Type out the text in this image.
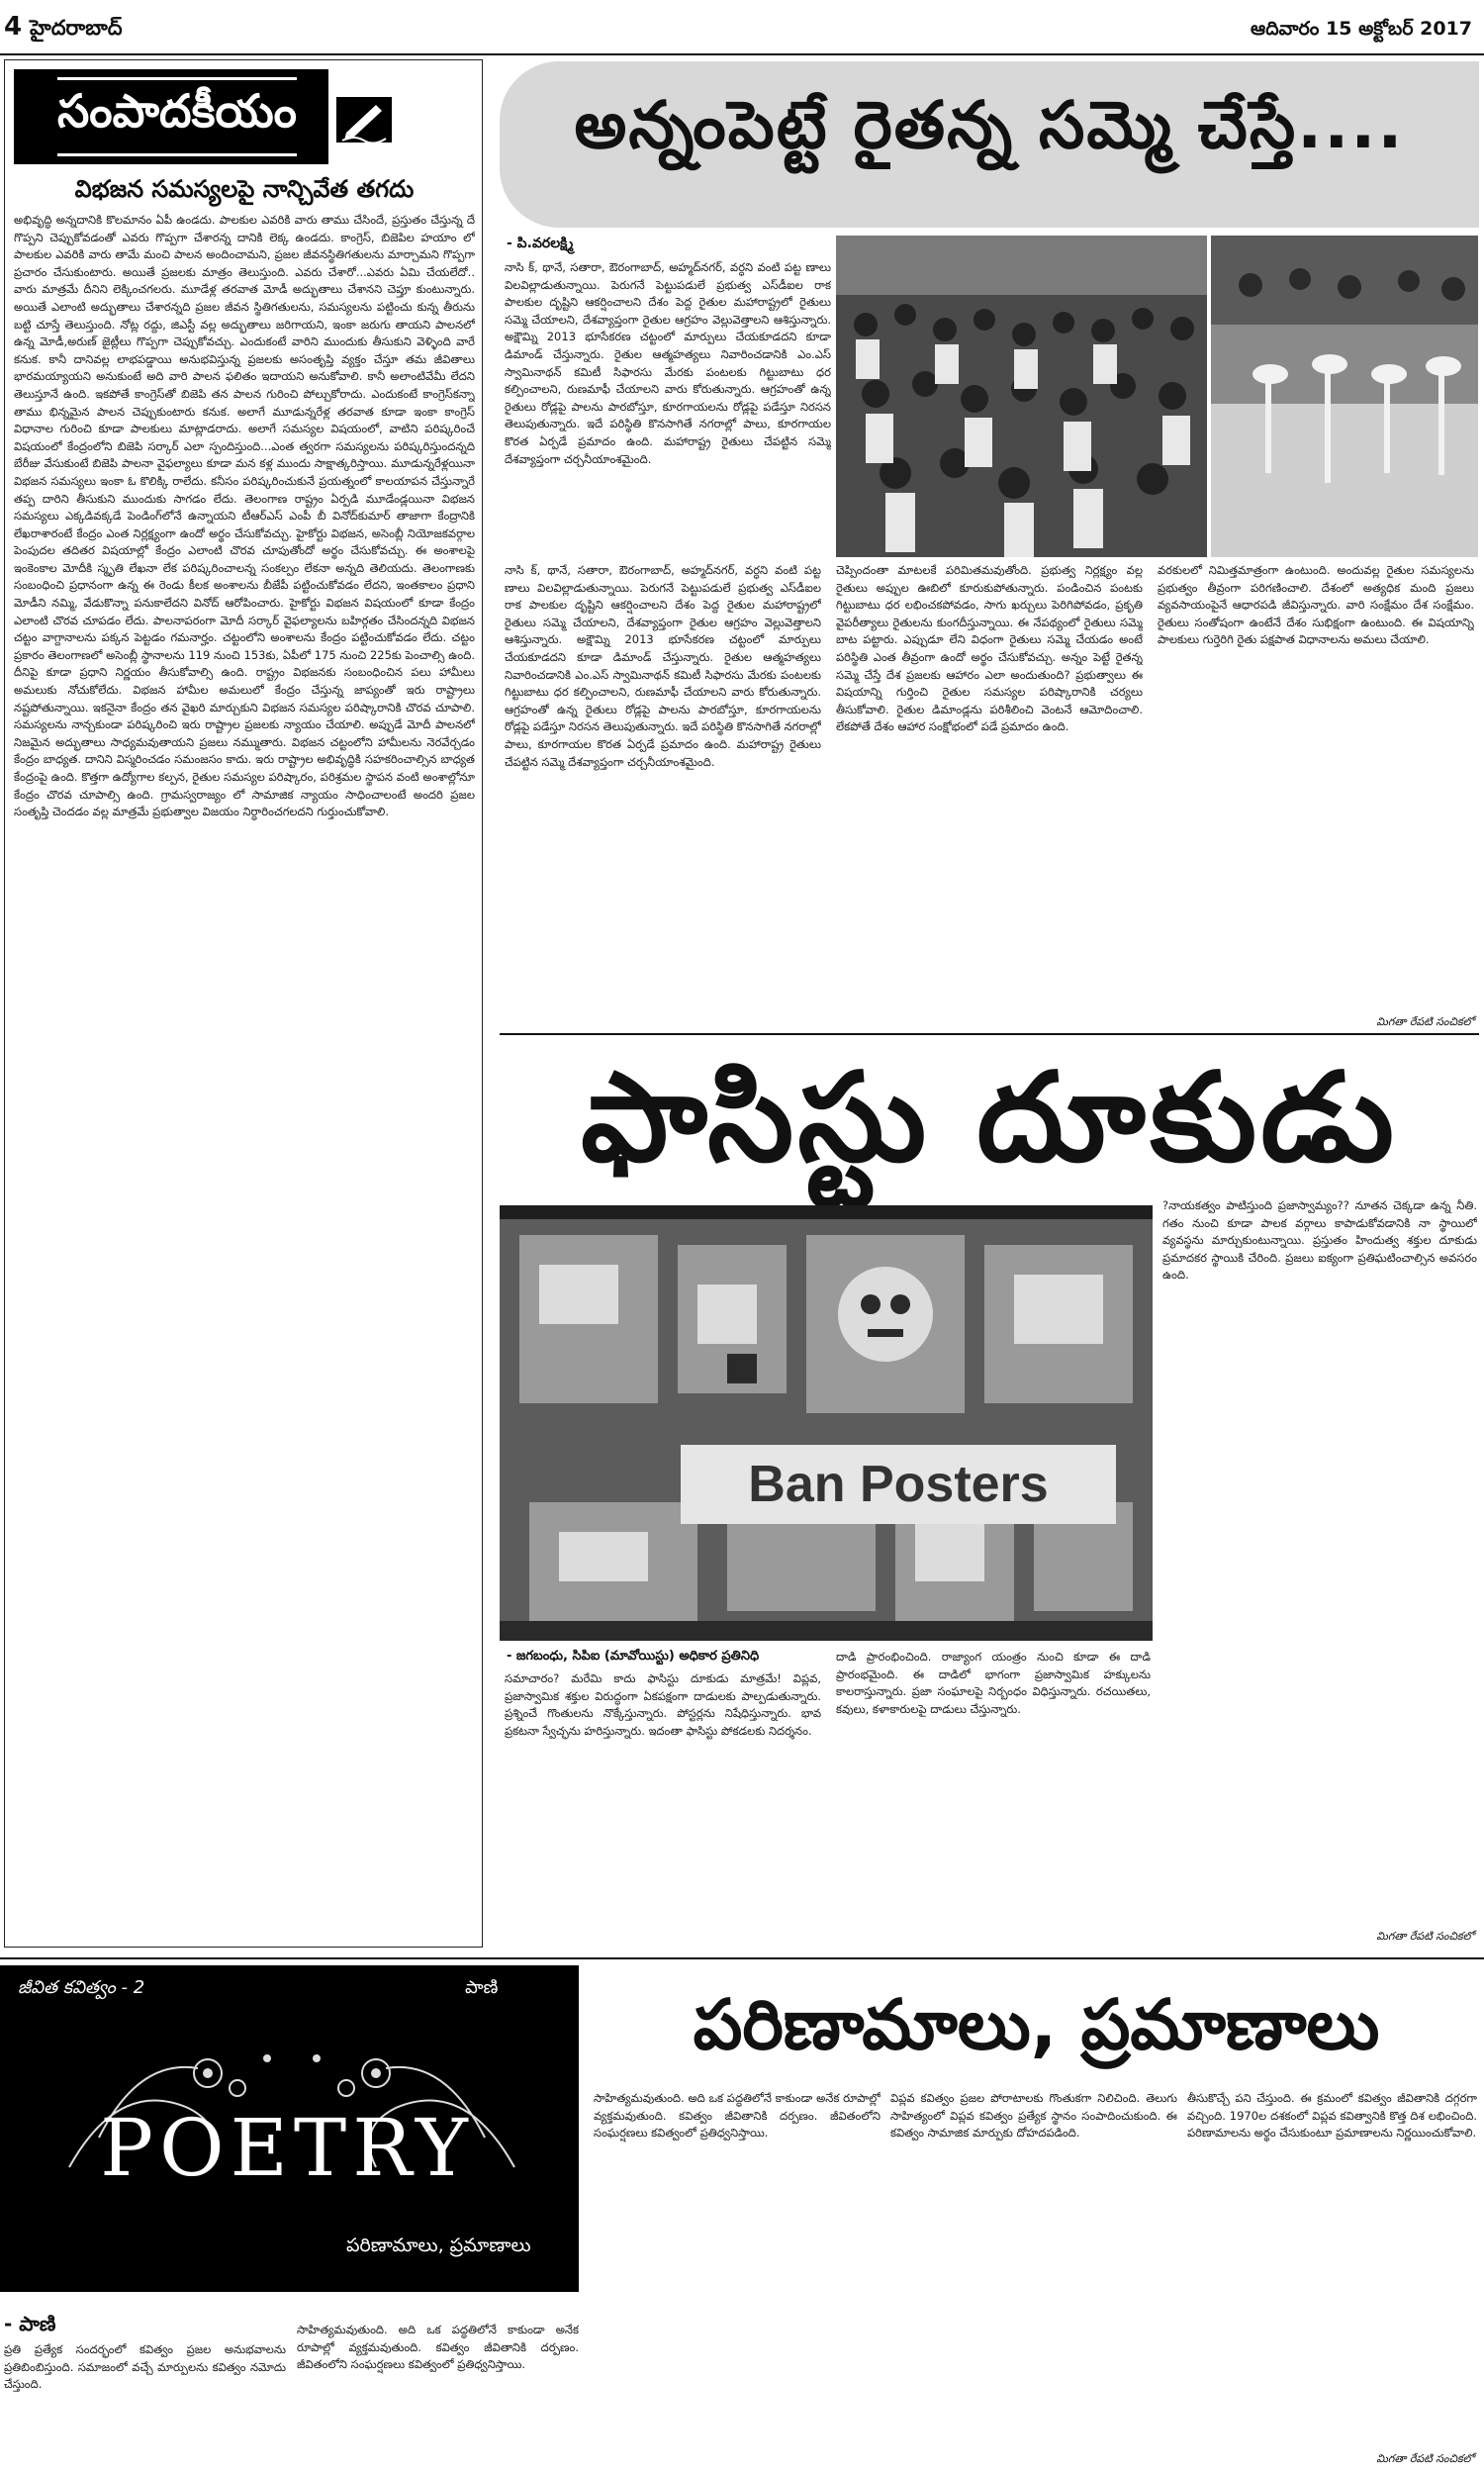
4 హైదరాబాద్	ఆదివారం 15 అక్టోబర్ 2017
సంపాదకీయం
విభజన సమస్యలపై నాన్చివేత తగదు
అభివృద్ధి అన్నదానికి కొలమానం ఏపీ ఉండదు. పాలకుల ఎవరికి వారు తాము చేసిందే, ప్రస్తుతం చేస్తున్న దే గొప్పని చెప్పుకోవడంతో ఎవరు గొప్పగా చేశారన్న దానికి లెక్క ఉండదు. కాంగ్రెస్, బిజెపిల హయాం లో పాలకుల ఎవరికి వారు తామే మంచి పాలన అందించామని, ప్రజల జీవనస్థితిగతులను మార్చామని గొప్పగా ప్రచారం చేసుకుంటారు. అయితే ప్రజలకు మాత్రం తెలుస్తుంది. ఎవరు చేశారో...ఎవరు ఏమి చేయలేదో.. వారు మాత్రమే దీనిని లెక్కించగలరు. మూడేళ్ల తరవాత మోడీ అద్భుతాలు చేశానని చెప్తూ కుంటున్నారు. అయితే ఎలాంటి అద్భుతాలు చేశారన్నది ప్రజల జీవన స్థితిగతులను, సమస్యలను పట్టించు కున్న తీరును బట్టి చూస్తే తెలుస్తుంది. నోట్ల రద్దు, జిఎస్టీ వల్ల అద్భుతాలు జరిగాయని, ఇంకా జరుగు తాయని పాలనలో ఉన్న మోడీ,అరుణ్ జైట్లీలు గొప్పగా చెప్పుకోవచ్చు. ఎందుకంటే వారిని ముందుకు తీసుకుని వెళ్ళింది వారే కనుక. కానీ దానివల్ల లాభపడ్డాయి అనుభవిస్తున్న ప్రజలకు అసంతృప్తి వ్యక్తం చేస్తూ తమ జీవితాలు భారమయ్యాయని అనుకుంటే అది వారి పాలన ఫలితం ఇదాయని అనుకోవాలి. కానీ అలాంటివేమీ లేదని తెలుస్తూనే ఉంది. ఇకపోతే కాంగ్రెస్‌తో బిజెపి తన పాలన గురించి పోల్చుకోరాదు. ఎందుకంటే కాంగ్రెస్‌కన్నా తాము భిన్నమైన పాలన చెప్పుకుంటారు కనుక. అలాగే మూడున్నరేళ్ల తరవాత కూడా ఇంకా కాంగ్రెస్ విధానాల గురించి కూడా పాలకులు మాట్లాడరాదు. అలాగే సమస్యల విషయంలో, వాటిని పరిష్కరించే విషయంలో కేంద్రంలోని బిజెపి సర్కార్ ఎలా స్పందిస్తుంది...ఎంత త్వరగా సమస్యలను పరిష్కరిస్తుందన్నది బేరీజు వేసుకుంటే బిజెపి పాలనా వైఫల్యాలు కూడా మన కళ్ల ముందు సాక్షాత్కరిస్తాయి. మూడున్నరేళ్లయినా విభజన సమస్యలు ఇంకా ఓ కొలిక్కి రాలేదు. కనీసం పరిష్కరించుకునే ప్రయత్నంలో కాలయాపన చేస్తున్నారే తప్ప దారిని తీసుకుని ముందుకు సాగడం లేదు. తెలంగాణ రాష్ట్రం ఏర్పడి మూడేండ్లయినా విభజన సమస్యలు ఎక్కడివక్కడే పెండింగ్‌లోనే ఉన్నాయని టీఆర్‌ఎస్ ఎంపీ బీ వినోద్‌కుమార్ తాజాగా కేంద్రానికి లేఖరాశారంటే కేంద్రం ఎంత నిర్లక్ష్యంగా ఉందో అర్థం చేసుకోవచ్చు. హైకోర్టు విభజన, అసెంబ్లీ నియోజకవర్గాల పెంపుదల తదితర విషయాల్లో కేంద్రం ఎలాంటి చొరవ చూపుతోందో అర్థం చేసుకోవచ్చు. ఈ అంశాలపై ఇంకెంకాల మోదీకి స్మృతి లేఖనా లేక పరిష్కరించాలన్న సంకల్పం లేకనా అన్నది తెలియదు. తెలంగాణకు సంబంధించి ప్రధానంగా ఉన్న ఈ రెండు కీలక అంశాలను బీజేపీ పట్టించుకోవడం లేదని, ఇంతకాలం ప్రధాని మోడీని నమ్మి, వేడుకొన్నా పనుకాలేదని వినోద్ ఆరోపించారు. హైకోర్టు విభజన విషయంలో కూడా కేంద్రం ఎలాంటి చొరవ చూపడం లేదు. పాలనాపరంగా మోదీ సర్కార్ వైఫల్యాలను బహిర్గతం చేసిందన్నది విభజన చట్టం వాగ్దానాలను పక్కన పెట్టడం గమనార్హం. చట్టంలోని అంశాలను కేంద్రం పట్టించుకోవడం లేదు. చట్టం ప్రకారం తెలంగాణలో అసెంబ్లీ స్థానాలను 119 నుంచి 153కు, ఏపీలో 175 నుంచి 225కు పెంచాల్సి ఉంది. దీనిపై కూడా ప్రధాని నిర్ణయం తీసుకోవాల్సి ఉంది. రాష్ట్రం విభజనకు సంబంధించిన పలు హామీలు అమలుకు నోచుకోలేదు. విభజన హామీల అమలులో కేంద్రం చేస్తున్న జాప్యంతో ఇరు రాష్ట్రాలు నష్టపోతున్నాయి. ఇకనైనా కేంద్రం తన వైఖరి మార్చుకుని విభజన సమస్యల పరిష్కారానికి చొరవ చూపాలి. సమస్యలను నాన్చకుండా పరిష్కరించి ఇరు రాష్ట్రాల ప్రజలకు న్యాయం చేయాలి. అప్పుడే మోదీ పాలనలో నిజమైన అద్భుతాలు సాధ్యమవుతాయని ప్రజలు నమ్ముతారు. విభజన చట్టంలోని హామీలను నెరవేర్చడం కేంద్రం బాధ్యత. దానిని విస్మరించడం సమంజసం కాదు. ఇరు రాష్ట్రాల అభివృద్ధికి సహకరించాల్సిన బాధ్యత కేంద్రంపై ఉంది. కొత్తగా ఉద్యోగాల కల్పన, రైతుల సమస్యల పరిష్కారం, పరిశ్రమల స్థాపన వంటి అంశాల్లోనూ కేంద్రం చొరవ చూపాల్సి ఉంది. గ్రామస్వరాజ్యం లో సామాజిక న్యాయం సాధించాలంటే అందరి ప్రజల సంతృప్తి చెందడం వల్ల మాత్రమే ప్రభుత్వాల విజయం నిర్ధారించగలదని గుర్తుంచుకోవాలి.
అన్నంపెట్టే రైతన్న సమ్మె చేస్తే....
- పి.వరలక్ష్మి
నాసి క్, థానే, సతారా, ఔరంగాబాద్, అహ్మద్‌నగర్, వర్ధని వంటి పట్ట ణాలు విలవిల్లాడుతున్నాయి. పెరుగనే పెట్టుపడులే ప్రభుత్వ ఎస్‌డీఐల రాక పాలకుల దృష్టిని ఆకర్షించాలని దేశం పెద్ద రైతుల మహారాష్ట్రలో రైతులు సమ్మె చేయాలని, దేశవ్యాప్తంగా రైతుల ఆగ్రహం వెల్లువెత్తాలని ఆశిస్తున్నారు. అక్షౌమ్ని 2013 భూసేకరణ చట్టంలో మార్పులు చేయకూడదని కూడా డిమాండ్ చేస్తున్నారు. రైతుల ఆత్మహత్యలు నివారించడానికి ఎం.ఎస్ స్వామినాథన్ కమిటీ సిఫారసు మేరకు పంటలకు గిట్టుబాటు ధర కల్పించాలని, రుణమాఫీ చేయాలని వారు కోరుతున్నారు. ఆగ్రహంతో ఉన్న రైతులు రోడ్లపై పాలను పారబోస్తూ, కూరగాయలను రోడ్లపై పడేస్తూ నిరసన తెలుపుతున్నారు. ఇదే పరిస్థితి కొనసాగితే నగరాల్లో పాలు, కూరగాయల కొరత ఏర్పడే ప్రమాదం ఉంది. మహారాష్ట్ర రైతులు చేపట్టిన సమ్మె దేశవ్యాప్తంగా చర్చనీయాంశమైంది.
నాసి క్, థానే, సతారా, ఔరంగాబాద్, అహ్మద్‌నగర్, వర్ధని వంటి పట్ట ణాలు విలవిల్లాడుతున్నాయి. పెరుగనే పెట్టుపడులే ప్రభుత్వ ఎస్‌డీఐల రాక పాలకుల దృష్టిని ఆకర్షించాలని దేశం పెద్ద రైతుల మహారాష్ట్రలో రైతులు సమ్మె చేయాలని, దేశవ్యాప్తంగా రైతుల ఆగ్రహం వెల్లువెత్తాలని ఆశిస్తున్నారు. అక్షౌమ్ని 2013 భూసేకరణ చట్టంలో మార్పులు చేయకూడదని కూడా డిమాండ్ చేస్తున్నారు. రైతుల ఆత్మహత్యలు నివారించడానికి ఎం.ఎస్ స్వామినాథన్ కమిటీ సిఫారసు మేరకు పంటలకు గిట్టుబాటు ధర కల్పించాలని, రుణమాఫీ చేయాలని వారు కోరుతున్నారు. ఆగ్రహంతో ఉన్న రైతులు రోడ్లపై పాలను పారబోస్తూ, కూరగాయలను రోడ్లపై పడేస్తూ నిరసన తెలుపుతున్నారు. ఇదే పరిస్థితి కొనసాగితే నగరాల్లో పాలు, కూరగాయల కొరత ఏర్పడే ప్రమాదం ఉంది. మహారాష్ట్ర రైతులు చేపట్టిన సమ్మె దేశవ్యాప్తంగా చర్చనీయాంశమైంది.
చెప్పిందంతా మాటలకే పరిమితమవుతోంది. ప్రభుత్వ నిర్లక్ష్యం వల్ల రైతులు అప్పుల ఊబిలో కూరుకుపోతున్నారు. పండించిన పంటకు గిట్టుబాటు ధర లభించకపోవడం, సాగు ఖర్చులు పెరిగిపోవడం, ప్రకృతి వైపరీత్యాలు రైతులను కుంగదీస్తున్నాయి. ఈ నేపథ్యంలో రైతులు సమ్మె బాట పట్టారు. ఎప్పుడూ లేని విధంగా రైతులు సమ్మె చేయడం అంటే పరిస్థితి ఎంత తీవ్రంగా ఉందో అర్థం చేసుకోవచ్చు. అన్నం పెట్టే రైతన్న సమ్మె చేస్తే దేశ ప్రజలకు ఆహారం ఎలా అందుతుంది? ప్రభుత్వాలు ఈ విషయాన్ని గుర్తించి రైతుల సమస్యల పరిష్కారానికి చర్యలు తీసుకోవాలి. రైతుల డిమాండ్లను పరిశీలించి వెంటనే ఆమోదించాలి. లేకపోతే దేశం ఆహార సంక్షోభంలో పడే ప్రమాదం ఉంది.
వరకులలో నిమిత్తమాత్రంగా ఉంటుంది. అందువల్ల రైతుల సమస్యలను ప్రభుత్వం తీవ్రంగా పరిగణించాలి. దేశంలో అత్యధిక మంది ప్రజలు వ్యవసాయంపైనే ఆధారపడి జీవిస్తున్నారు. వారి సంక్షేమం దేశ సంక్షేమం. రైతులు సంతోషంగా ఉంటేనే దేశం సుభిక్షంగా ఉంటుంది. ఈ విషయాన్ని పాలకులు గుర్తెరిగి రైతు పక్షపాత విధానాలను అమలు చేయాలి.
మిగతా రేపటి సంచికలో
ఫాసిస్టు దూకుడు
Ban Posters
?నాయకత్వం పాటిస్తుంది ప్రజాస్వామ్యం?? నూతన చెక్కడా ఉన్న నీతి. గతం నుంచి కూడా పాలక వర్గాలు కాపాడుకోవడానికి నా స్థాయిలో వ్యవస్థను మార్చుకుంటున్నాయి. ప్రస్తుతం హిందుత్వ శక్తుల దూకుడు ప్రమాదకర స్థాయికి చేరింది. ప్రజలు ఐక్యంగా ప్రతిఘటించాల్సిన అవసరం ఉంది.
- జగబంధు, సిపిఐ (మావోయిస్టు) అధికార ప్రతినిధి
సమాచారం? మరేమి కాదు ఫాసిస్టు దూకుడు మాత్రమే! విప్లవ, ప్రజాస్వామిక శక్తుల విరుద్ధంగా ఏకపక్షంగా దాడులకు పాల్పడుతున్నారు. ప్రశ్నించే గొంతులను నొక్కేస్తున్నారు. పోస్టర్లను నిషేధిస్తున్నారు. భావ ప్రకటనా స్వేచ్ఛను హరిస్తున్నారు. ఇదంతా ఫాసిస్టు పోకడలకు నిదర్శనం.
దాడి ప్రారంభించింది. రాజ్యాంగ యంత్రం నుంచి కూడా ఈ దాడి ప్రారంభమైంది. ఈ దాడిలో భాగంగా ప్రజాస్వామిక హక్కులను కాలరాస్తున్నారు. ప్రజా సంఘాలపై నిర్బంధం విధిస్తున్నారు. రచయితలు, కవులు, కళాకారులపై దాడులు చేస్తున్నారు.
మిగతా రేపటి సంచికలో
జీవిత కవిత్వం - 2	పాణి
POETRY
పరిణామాలు, ప్రమాణాలు
పరిణామాలు, ప్రమాణాలు
- పాణి
ప్రతి ప్రత్యేక సందర్భంలో కవిత్వం ప్రజల అనుభవాలను ప్రతిబింబిస్తుంది. సమాజంలో వచ్చే మార్పులను కవిత్వం నమోదు చేస్తుంది.
సాహిత్యమవుతుంది. అది ఒక పద్ధతిలోనే కాకుండా అనేక రూపాల్లో వ్యక్తమవుతుంది. కవిత్వం జీవితానికి దర్పణం. జీవితంలోని సంఘర్షణలు కవిత్వంలో ప్రతిధ్వనిస్తాయి.
సాహిత్యమవుతుంది. అది ఒక పద్ధతిలోనే కాకుండా అనేక రూపాల్లో వ్యక్తమవుతుంది. కవిత్వం జీవితానికి దర్పణం. జీవితంలోని సంఘర్షణలు కవిత్వంలో ప్రతిధ్వనిస్తాయి.
విప్లవ కవిత్వం ప్రజల పోరాటాలకు గొంతుకగా నిలిచింది. తెలుగు సాహిత్యంలో విప్లవ కవిత్వం ప్రత్యేక స్థానం సంపాదించుకుంది. ఈ కవిత్వం సామాజిక మార్పుకు దోహదపడింది.
తీసుకొచ్చే పని చేస్తుంది. ఈ క్రమంలో కవిత్వం జీవితానికి దగ్గరగా వచ్చింది. 1970ల దశకంలో విప్లవ కవిత్వానికి కొత్త దిశ లభించింది. పరిణామాలను అర్థం చేసుకుంటూ ప్రమాణాలను నిర్ణయించుకోవాలి.
మిగతా రేపటి సంచికలో
